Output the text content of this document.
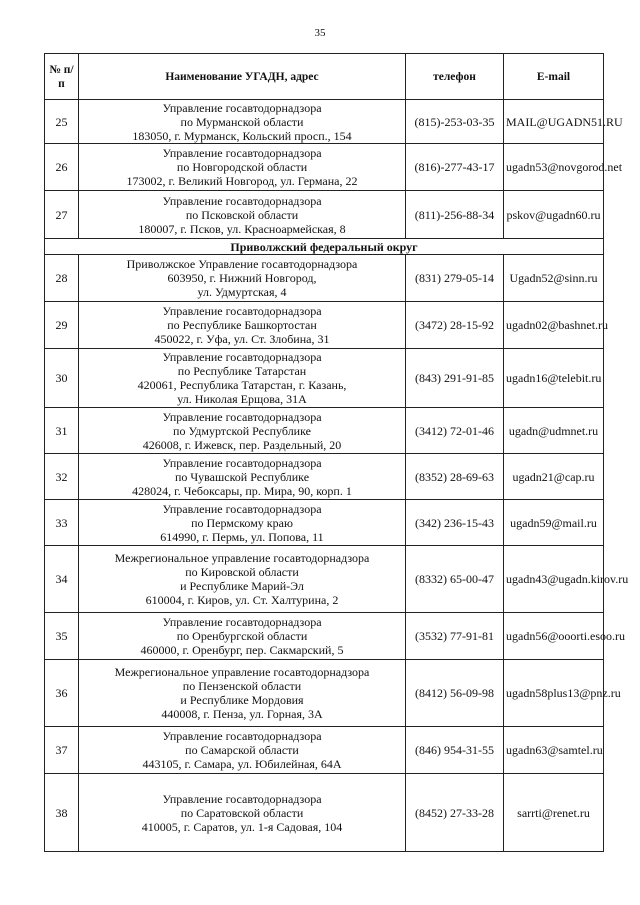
35
№ п/п	Наименование УГАДН, адрес	телефон	E-mail
25	Управление госавтодорнадзора
по Мурманской области
183050, г. Мурманск, Кольский просп., 154	(815)-253-03-35	MAIL@UGADN51.RU
26	Управление госавтодорнадзора
по Новгородской области
173002, г. Великий Новгород, ул. Германа, 22	(816)-277-43-17	ugadn53@novgorod.net
27	Управление госавтодорнадзора
по Псковской области
180007, г. Псков, ул. Красноармейская, 8	(811)-256-88-34	pskov@ugadn60.ru
Приволжский федеральный округ			
28	Приволжское Управление госавтодорнадзора
603950, г. Нижний Новгород,
ул. Удмуртская, 4	(831) 279-05-14	Ugadn52@sinn.ru
29	Управление госавтодорнадзора
по Республике Башкортостан
450022, г. Уфа, ул. Ст. Злобина, 31	(3472) 28-15-92	ugadn02@bashnet.ru
30	Управление госавтодорнадзора
по Республике Татарстан
420061, Республика Татарстан, г. Казань,
ул. Николая Ерщова, 31А	(843) 291-91-85	ugadn16@telebit.ru
31	Управление госавтодорнадзора
по Удмуртской Республике
426008, г. Ижевск, пер. Раздельный, 20	(3412) 72-01-46	ugadn@udmnet.ru
32	Управление госавтодорнадзора
по Чувашской Республике
428024, г. Чебоксары, пр. Мира, 90, корп. 1	(8352) 28-69-63	ugadn21@cap.ru
33	Управление госавтодорнадзора
по Пермскому краю
614990, г. Пермь, ул. Попова, 11	(342) 236-15-43	ugadn59@mail.ru
34	Межрегиональное управление госавтодорнадзора
по Кировской области
и Республике Марий-Эл
610004, г. Киров, ул. Ст. Халтурина, 2	(8332) 65-00-47	ugadn43@ugadn.kirov.ru
35	Управление госавтодорнадзора
по Оренбургской области
460000, г. Оренбург, пер. Сакмарский, 5	(3532) 77-91-81	ugadn56@ooorti.esoo.ru
36	Межрегиональное управление госавтодорнадзора
по Пензенской области
и Республике Мордовия
440008, г. Пенза, ул. Горная, 3А	(8412) 56-09-98	ugadn58plus13@pnz.ru
37	Управление госавтодорнадзора
по Самарской области
443105, г. Самара, ул. Юбилейная, 64А	(846) 954-31-55	ugadn63@samtel.ru
38	Управление госавтодорнадзора
по Саратовской области
410005, г. Саратов, ул. 1-я Садовая, 104	(8452) 27-33-28	sarrti@renet.ru
